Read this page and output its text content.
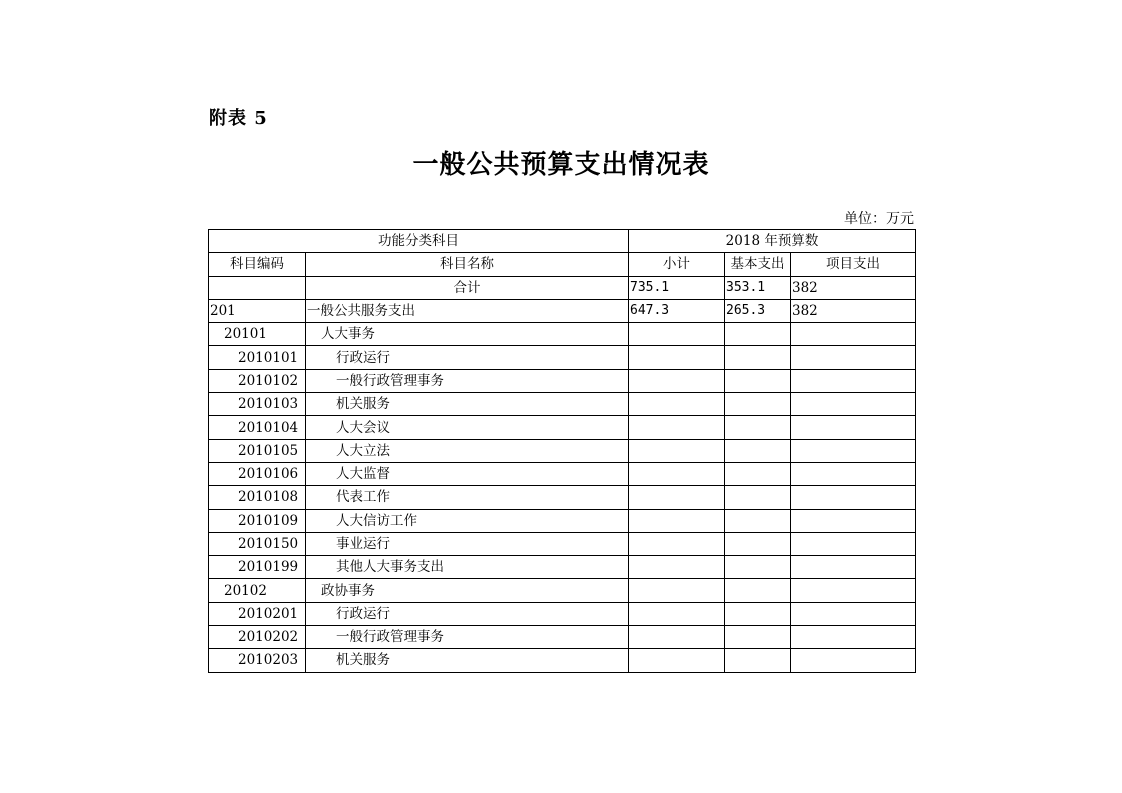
附表 5
一般公共预算支出情况表
单位：万元
功能分类科目		2018 年预算数		
科目编码	科目名称	小计	基本支出	项目支出
	合计	735.1	353.1	382
201	一般公共服务支出	647.3	265.3	382
20101	人大事务			
2010101	行政运行			
2010102	一般行政管理事务			
2010103	机关服务			
2010104	人大会议			
2010105	人大立法			
2010106	人大监督			
2010108	代表工作			
2010109	人大信访工作			
2010150	事业运行			
2010199	其他人大事务支出			
20102	政协事务			
2010201	行政运行			
2010202	一般行政管理事务			
2010203	机关服务			
